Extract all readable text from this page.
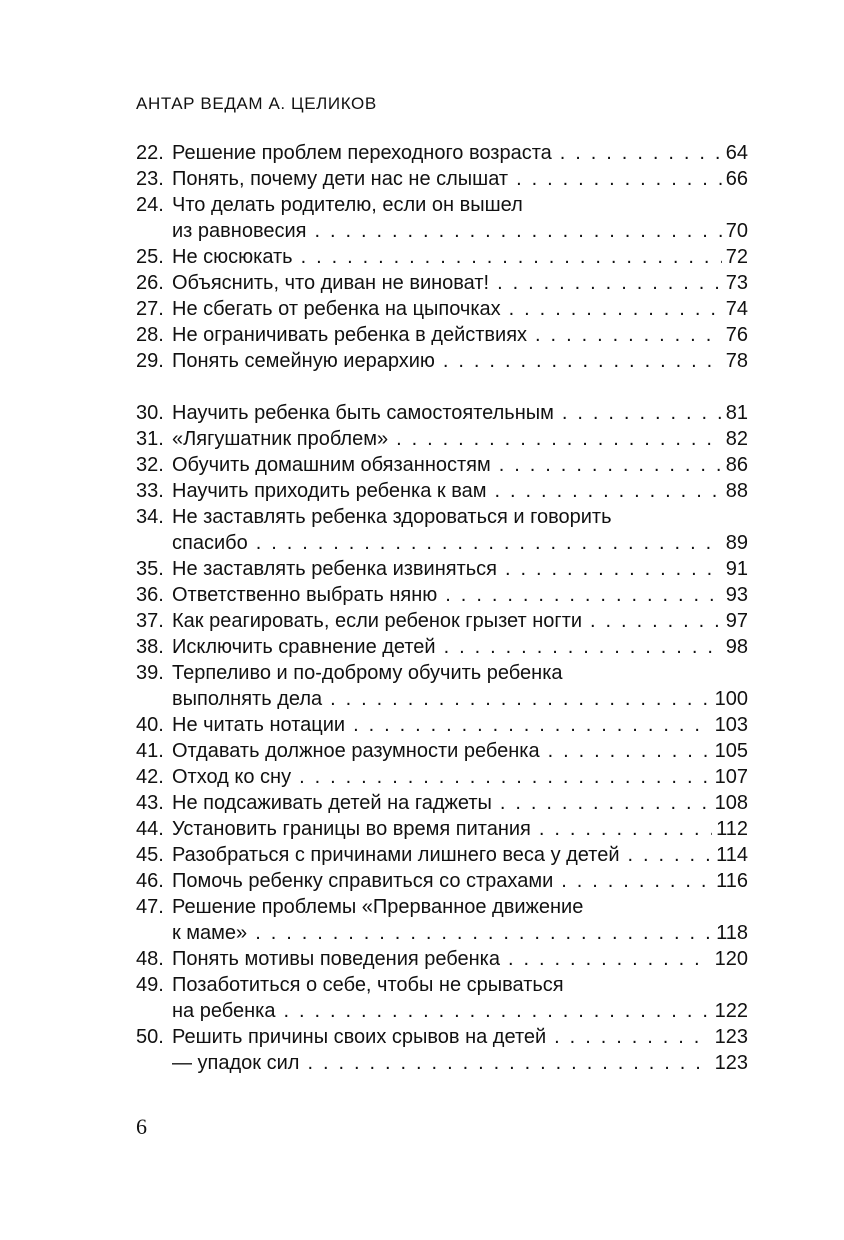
АНТАР ВЕДАМ А. ЦЕЛИКОВ
22. Решение проблем переходного возраста . . .	64
23. Понять, почему дети нас не слышат . . .	66
24. Что делать родителю, если он вышел
из равновесия . . .	70
25. Не сюсюкать . . .	72
26. Объяснить, что диван не виноват! . . .	73
27. Не сбегать от ребенка на цыпочках . . .	74
28. Не ограничивать ребенка в действиях . . .	76
29. Понять семейную иерархию . . .	78
30. Научить ребенка быть самостоятельным . . .	81
31. «Лягушатник проблем» . . .	82
32. Обучить домашним обязанностям . . .	86
33. Научить приходить ребенка к вам . . .	88
34. Не заставлять ребенка здороваться и говорить
спасибо . . .	89
35. Не заставлять ребенка извиняться . . .	91
36. Ответственно выбрать няню . . .	93
37. Как реагировать, если ребенок грызет ногти . . .	97
38. Исключить сравнение детей . . .	98
39. Терпеливо и по-доброму обучить ребенка
выполнять дела . . .	100
40. Не читать нотации . . .	103
41. Отдавать должное разумности ребенка . . .	105
42. Отход ко сну . . .	107
43. Не подсаживать детей на гаджеты . . .	108
44. Установить границы во время питания . . .	112
45. Разобраться с причинами лишнего веса у детей . . .	114
46. Помочь ребенку справиться со страхами . . .	116
47. Решение проблемы «Прерванное движение
к маме» . . .	118
48. Понять мотивы поведения ребенка . . .	120
49. Позаботиться о себе, чтобы не срываться
на ребенка . . .	122
50. Решить причины своих срывов на детей . . .	123
— упадок сил . . .	123
6
